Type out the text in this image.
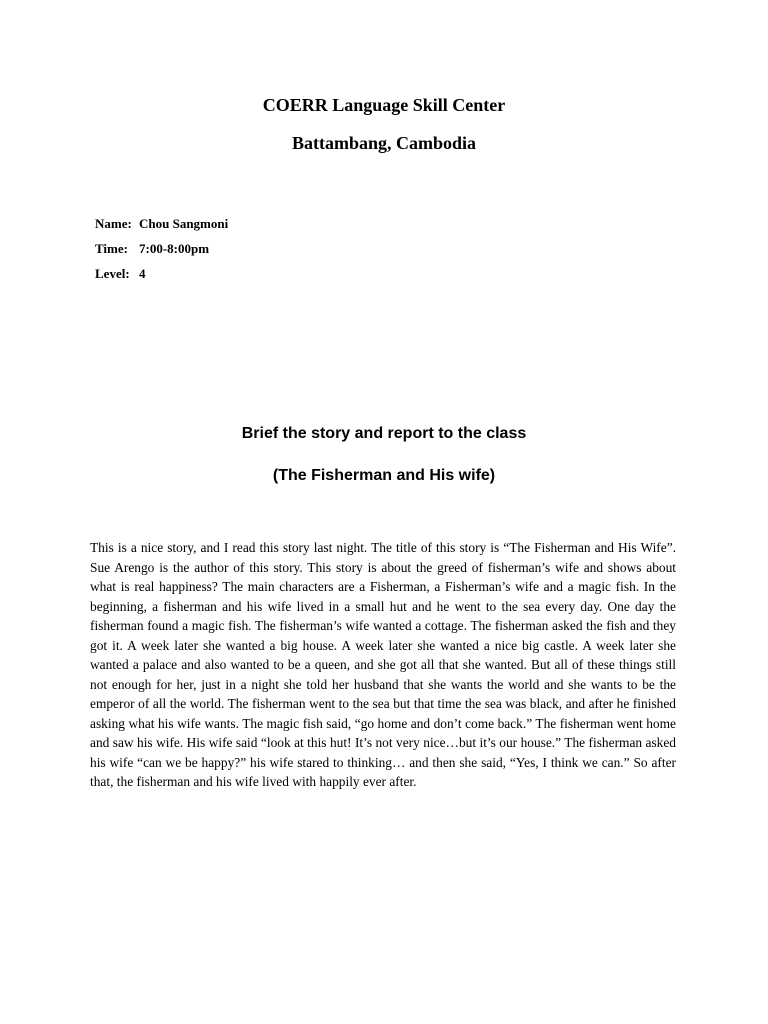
COERR Language Skill Center
Battambang, Cambodia
Name: Chou Sangmoni
Time: 7:00-8:00pm
Level: 4
Brief the story and report to the class
(The Fisherman and His wife)

This is a nice story, and I read this story last night. The title of this story is “The Fisherman and His Wife”. Sue Arengo is the author of this story. This story is about the greed of fisherman’s wife and shows about what is real happiness? The main characters are a Fisherman, a Fisherman’s wife and a magic fish. In the beginning, a fisherman and his wife lived in a small hut and he went to the sea every day. One day the fisherman found a magic fish. The fisherman’s wife wanted a cottage. The fisherman asked the fish and they got it. A week later she wanted a big house. A week later she wanted a nice big castle. A week later she wanted a palace and also wanted to be a queen, and she got all that she wanted. But all of these things still not enough for her, just in a night she told her husband that she wants the world and she wants to be the emperor of all the world. The fisherman went to the sea but that time the sea was black, and after he finished asking what his wife wants. The magic fish said, “go home and don’t come back.” The fisherman went home and saw his wife. His wife said “look at this hut! It’s not very nice…but it’s our house.” The fisherman asked his wife “can we be happy?” his wife stared to thinking… and then she said, “Yes, I think we can.” So after that, the fisherman and his wife lived with happily ever after.
